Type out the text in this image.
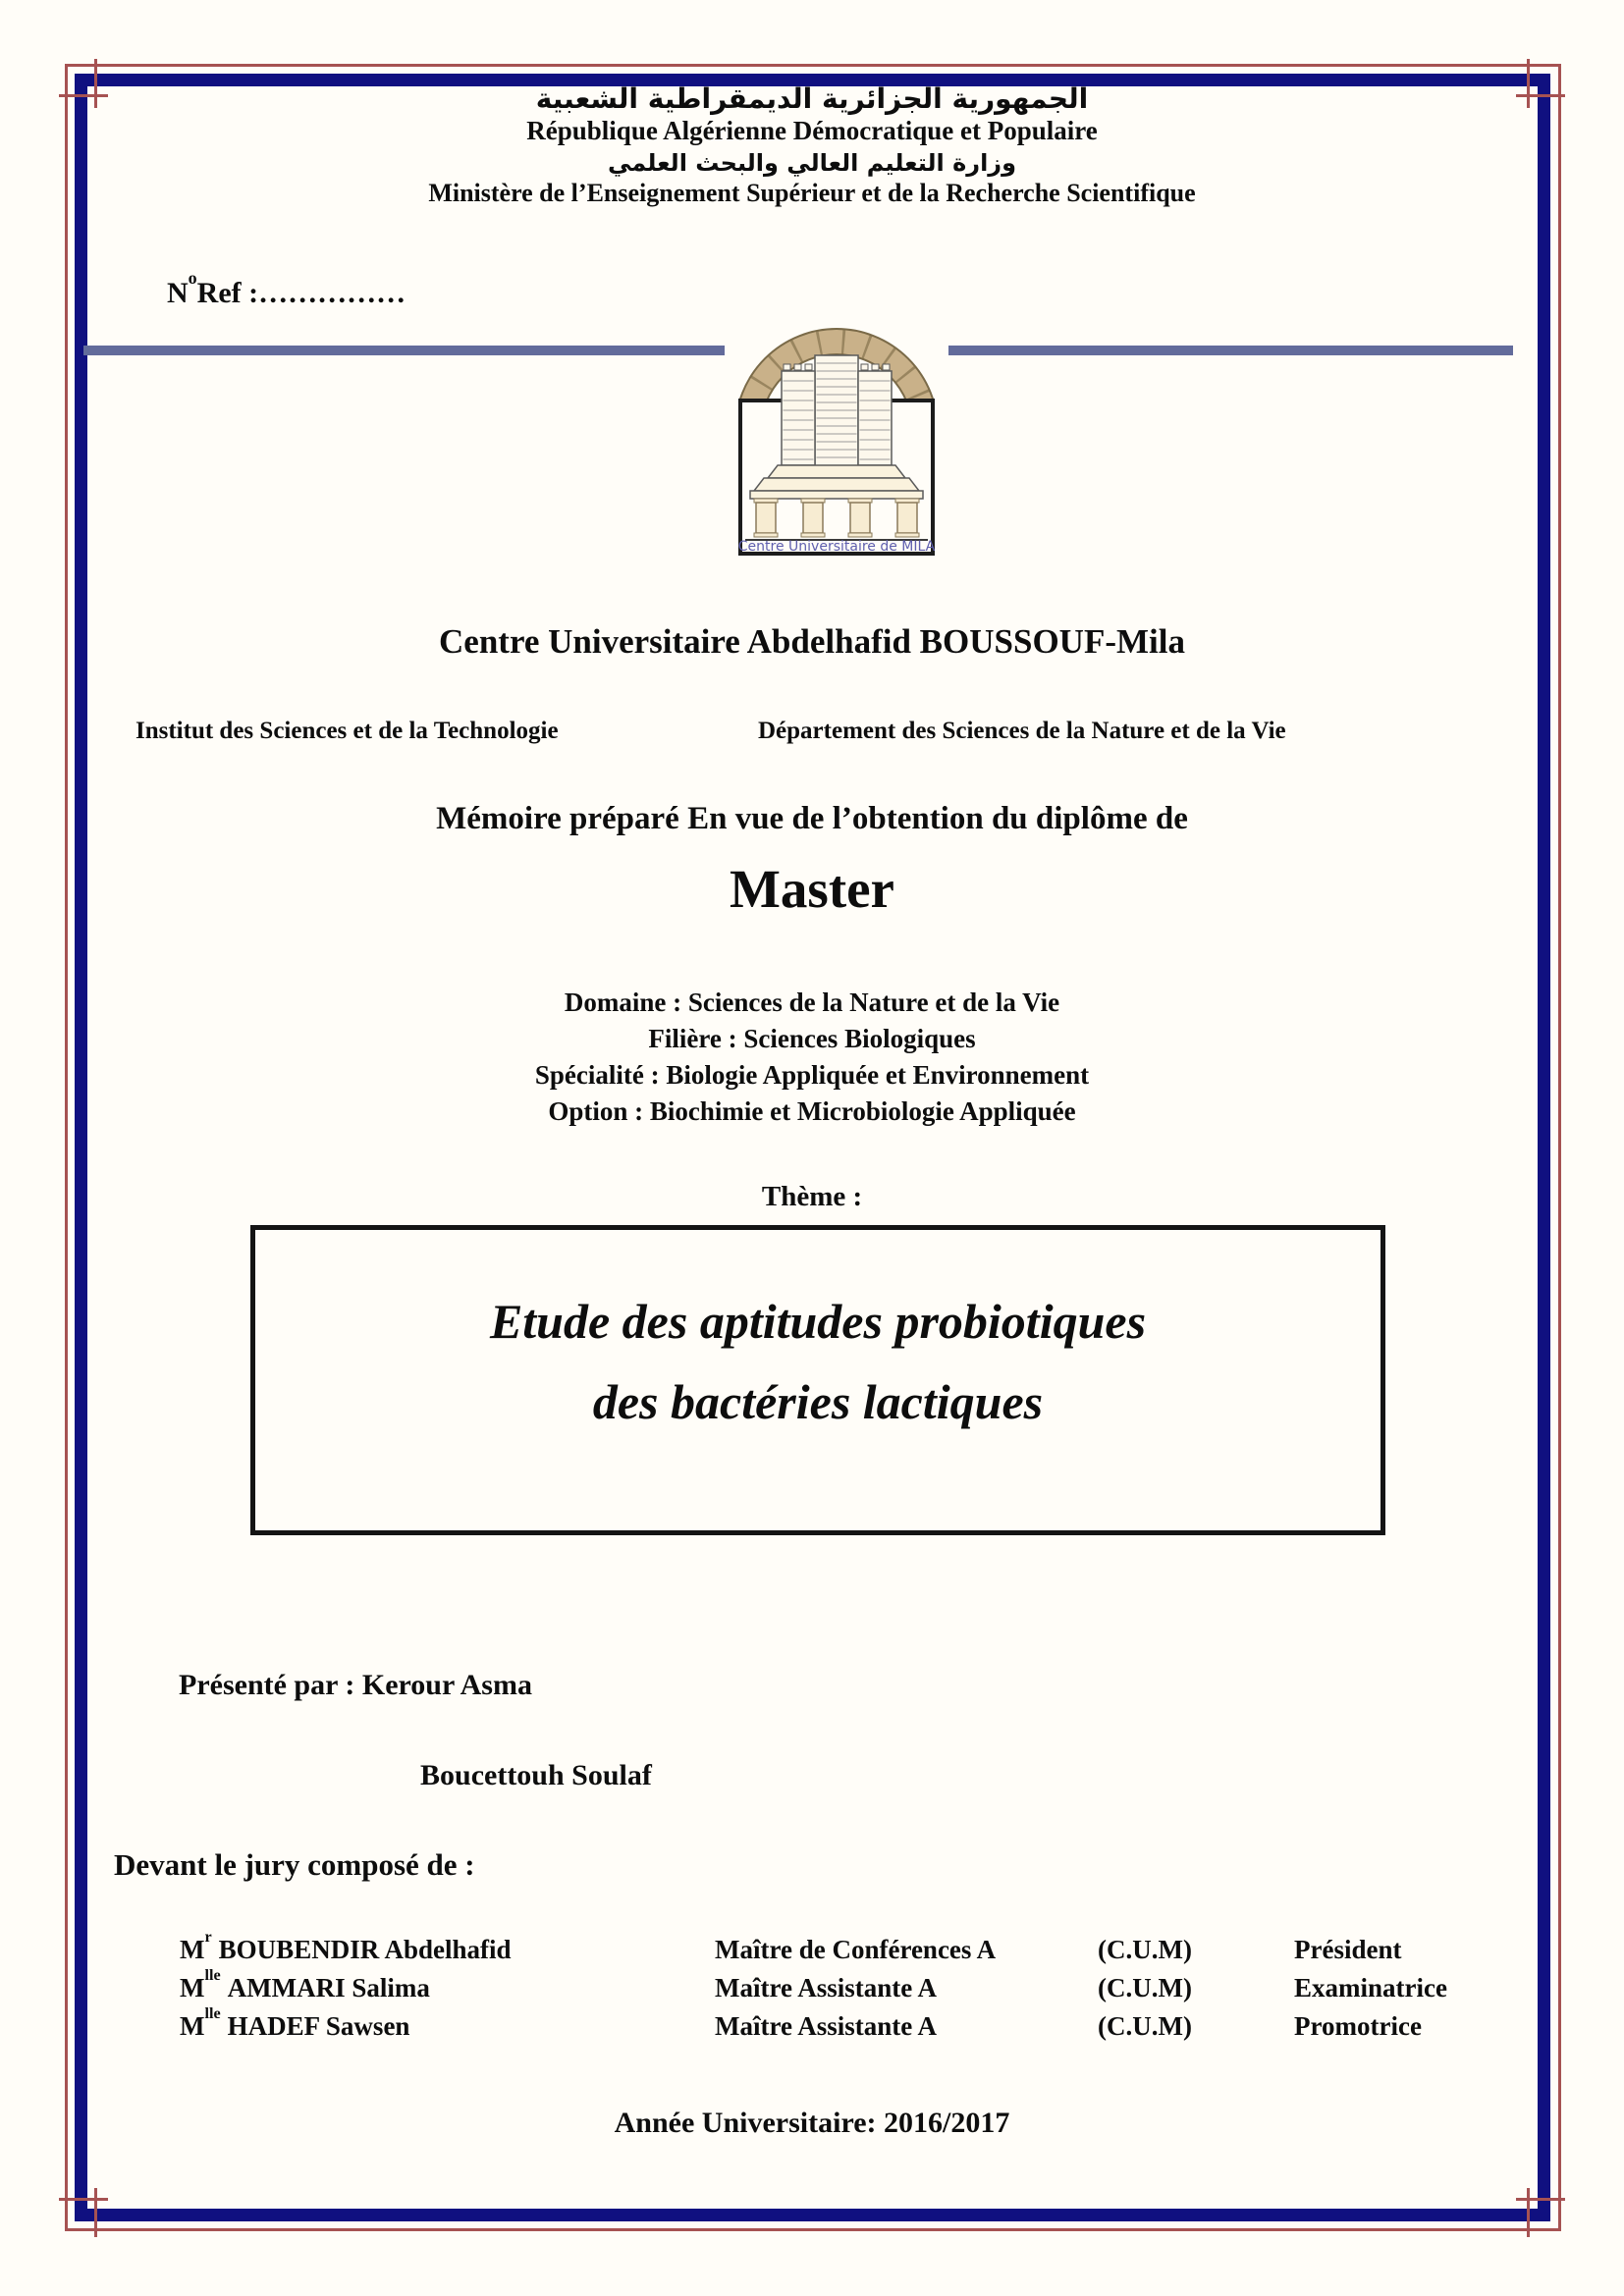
الجمهورية الجزائرية الديمقراطية الشعبية
République Algérienne Démocratique et Populaire
وزارة التعليم العالي والبحث العلمي
Ministère de l’Enseignement Supérieur et de la Recherche Scientifique
$N^oRef$ :……………
Centre Universitaire de MILA
Centre Universitaire Abdelhafid BOUSSOUF-Mila
Institut des Sciences et de la Technologie	Département des Sciences de la Nature et de la Vie
Mémoire préparé En vue de l’obtention du diplôme de
Master
Domaine : Sciences de la Nature et de la Vie
Filière : Sciences Biologiques
Spécialité : Biologie Appliquée et Environnement
Option : Biochimie et Microbiologie Appliquée
Thème :
Etude des aptitudes probiotiques
des bactéries lactiques
Présenté par : Kerour Asma
Boucettouh Soulaf
Devant le jury composé de :
$M^r$ BOUBENDIR Abdelhafid	Maître de Conférences A	(C.U.M)	Président
$M^{lle}$ AMMARI Salima	Maître Assistante A	(C.U.M)	Examinatrice
$M^{lle}$ HADEF Sawsen	Maître Assistante A	(C.U.M)	Promotrice
Année Universitaire: 2016/2017
